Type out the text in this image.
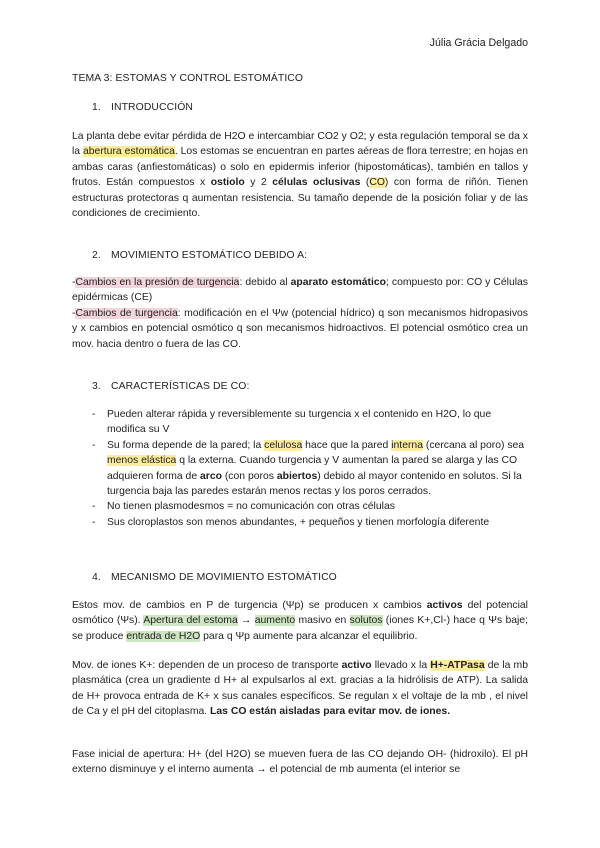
Júlia Grácia Delgado
TEMA 3: ESTOMAS Y CONTROL ESTOMÁTICO
1. INTRODUCCIÓN

La planta debe evitar pérdida de H2O e intercambiar CO2 y O2; y esta regulación temporal se da x la abertura estomática. Los estomas se encuentran en partes aéreas de flora terrestre; en hojas en ambas caras (anfiestomáticas) o solo en epidermis inferior (hipostomáticas), también en tallos y frutos. Están compuestos x ostiolo y 2 células oclusivas (CO) con forma de riñón. Tienen estructuras protectoras q aumentan resistencia. Su tamaño depende de la posición foliar y de las condiciones de crecimiento.

2. MOVIMIENTO ESTOMÁTICO DEBIDO A:

-Cambios en la presión de turgencia: debido al aparato estomático; compuesto por: CO y Células epidérmicas (CE)

-Cambios de turgencia: modificación en el Ψw (potencial hídrico) q son mecanismos hidropasivos y x cambios en potencial osmótico q son mecanismos hidroactivos. El potencial osmótico crea un mov. hacia dentro o fuera de las CO.

3. CARACTERÍSTICAS DE CO:
- Pueden alterar rápida y reversiblemente su turgencia x el contenido en H2O, lo que modifica su V
- Su forma depende de la pared; la celulosa hace que la pared interna (cercana al poro) sea menos elástica q la externa. Cuando turgencia y V aumentan la pared se alarga y las CO adquieren forma de arco (con poros abiertos) debido al mayor contenido en solutos. Si la turgencia baja las paredes estarán menos rectas y los poros cerrados.
- No tienen plasmodesmos = no comunicación con otras células
- Sus cloroplastos son menos abundantes, + pequeños y tienen morfología diferente
4. MECANISMO DE MOVIMIENTO ESTOMÁTICO

Estos mov. de cambios en P de turgencia (Ψp) se producen x cambios activos del potencial osmótico (Ψs). Apertura del estoma → aumento masivo en solutos (iones K+,Cl-) hace q Ψs baje; se produce entrada de H2O para q Ψp aumente para alcanzar el equilibrio.

Mov. de iones K+: dependen de un proceso de transporte activo llevado x la H+-ATPasa de la mb plasmática (crea un gradiente d H+ al expulsarlos al ext. gracias a la hidrólisis de ATP). La salida de H+ provoca entrada de K+ x sus canales específicos. Se regulan x el voltaje de la mb , el nivel de Ca y el pH del citoplasma. Las CO están aisladas para evitar mov. de iones.

Fase inicial de apertura: H+ (del H2O) se mueven fuera de las CO dejando OH- (hidroxilo). El pH externo disminuye y el interno aumenta → el potencial de mb aumenta (el interior se
